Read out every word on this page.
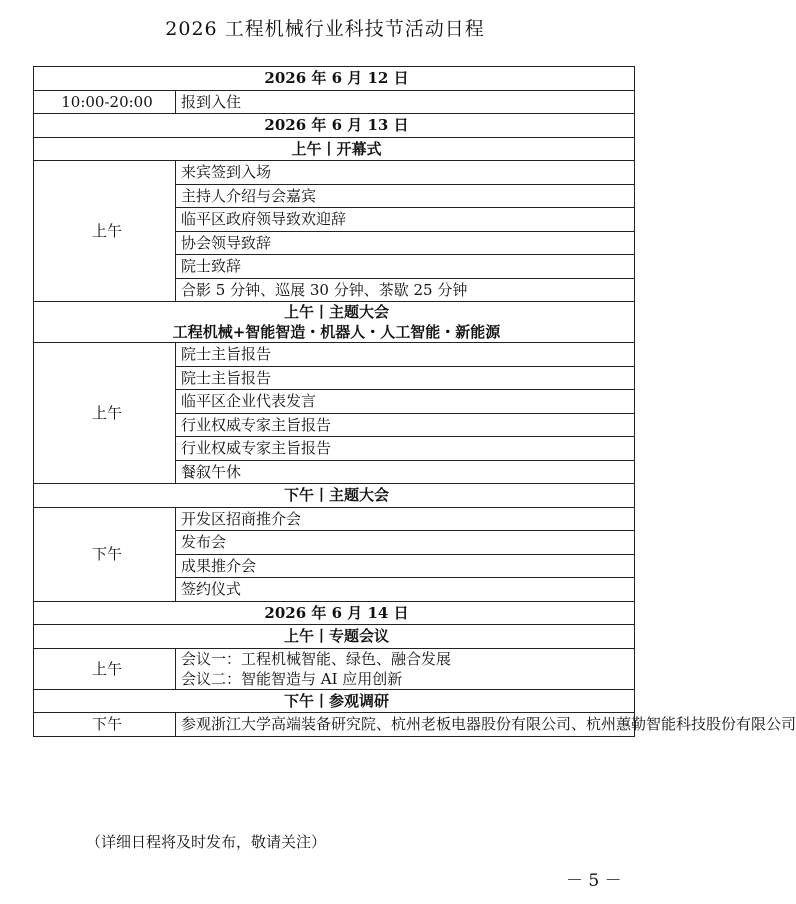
2026 工程机械行业科技节活动日程
2026 年 6 月 12 日	
10:00-20:00	报到入住
2026 年 6 月 13 日	
上午丨开幕式	
上午	来宾签到入场
	主持人介绍与会嘉宾
	临平区政府领导致欢迎辞
	协会领导致辞
	院士致辞
	合影 5 分钟、巡展 30 分钟、茶歇 25 分钟

上午丨主题大会
工程机械+智能智造・机器人・人工智能・新能源	

上午	院士主旨报告
	院士主旨报告
	临平区企业代表发言
	行业权威专家主旨报告
	行业权威专家主旨报告
	餐叙午休
下午丨主题大会	
下午	开发区招商推介会
	发布会
	成果推介会
	签约仪式
2026 年 6 月 14 日	
上午丨专题会议	
上午	会议一：工程机械智能、绿色、融合发展
会议二：智能智造与 AI 应用创新

下午丨参观调研	
下午	参观浙江大学高端装备研究院、杭州老板电器股份有限公司、杭州蕙勒智能科技股份有限公司
（详细日程将及时发布，敬请关注）
－ 5 －
